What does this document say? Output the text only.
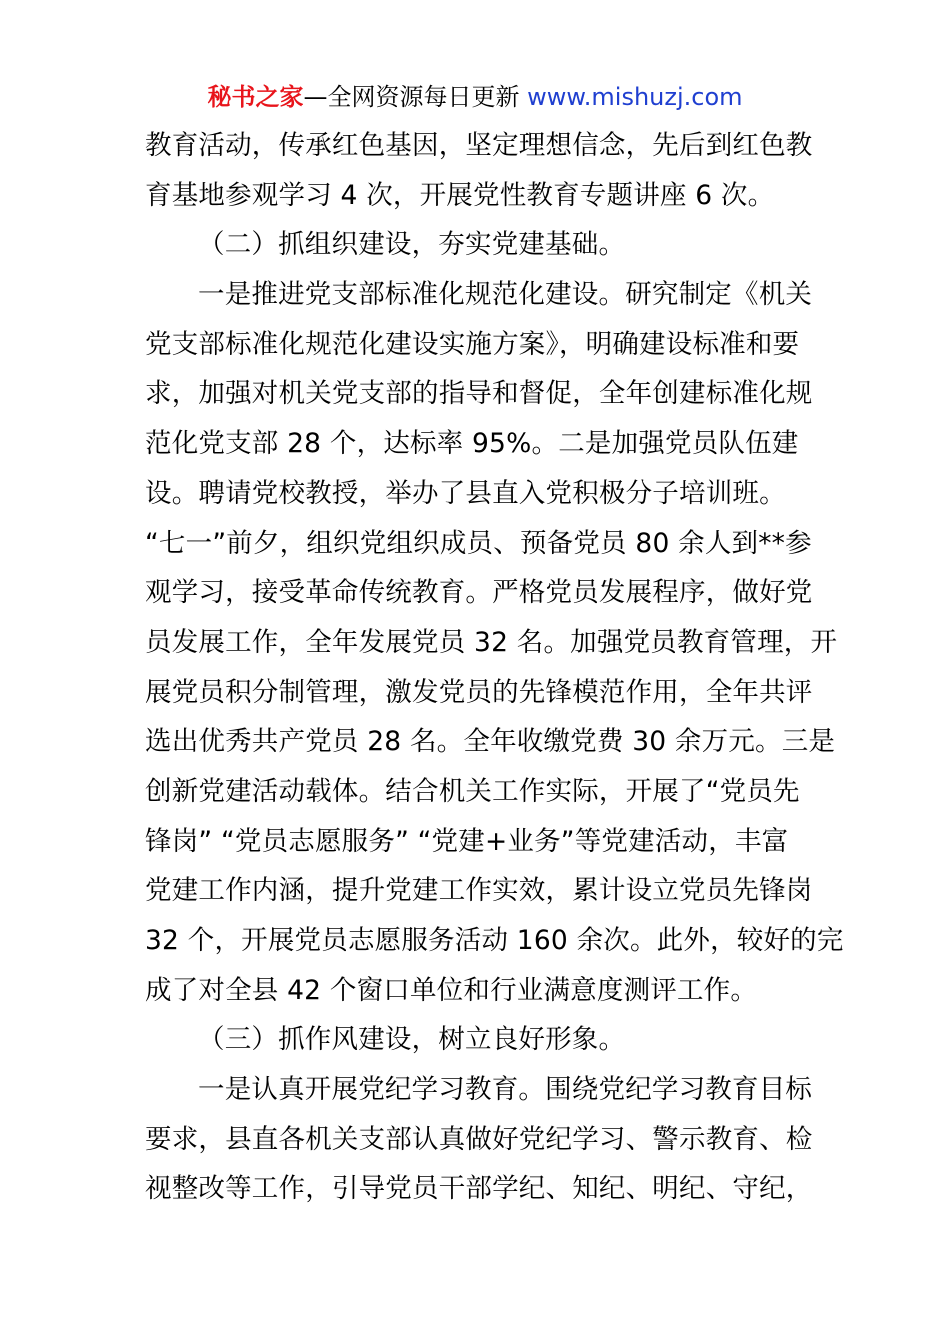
秘书之家—全网资源每日更新 www.mishuzj.com
教育活动，传承红色基因，坚定理想信念，先后到红色教
育基地参观学习 4 次，开展党性教育专题讲座 6 次。
（二）抓组织建设，夯实党建基础。
一是推进党支部标准化规范化建设。研究制定《机关
党支部标准化规范化建设实施方案》，明确建设标准和要
求，加强对机关党支部的指导和督促，全年创建标准化规
范化党支部 28 个，达标率 95%。二是加强党员队伍建
设。聘请党校教授，举办了县直入党积极分子培训班。
“七一”前夕，组织党组织成员、预备党员 80 余人到**参
观学习，接受革命传统教育。严格党员发展程序，做好党
员发展工作，全年发展党员 32 名。加强党员教育管理，开
展党员积分制管理，激发党员的先锋模范作用，全年共评
选出优秀共产党员 28 名。全年收缴党费 30 余万元。三是
创新党建活动载体。结合机关工作实际，开展了“党员先
锋岗” “党员志愿服务” “党建+业务”等党建活动，丰富
党建工作内涵，提升党建工作实效，累计设立党员先锋岗
32 个，开展党员志愿服务活动 160 余次。此外，较好的完
成了对全县 42 个窗口单位和行业满意度测评工作。
（三）抓作风建设，树立良好形象。
一是认真开展党纪学习教育。围绕党纪学习教育目标
要求，县直各机关支部认真做好党纪学习、警示教育、检
视整改等工作，引导党员干部学纪、知纪、明纪、守纪，
